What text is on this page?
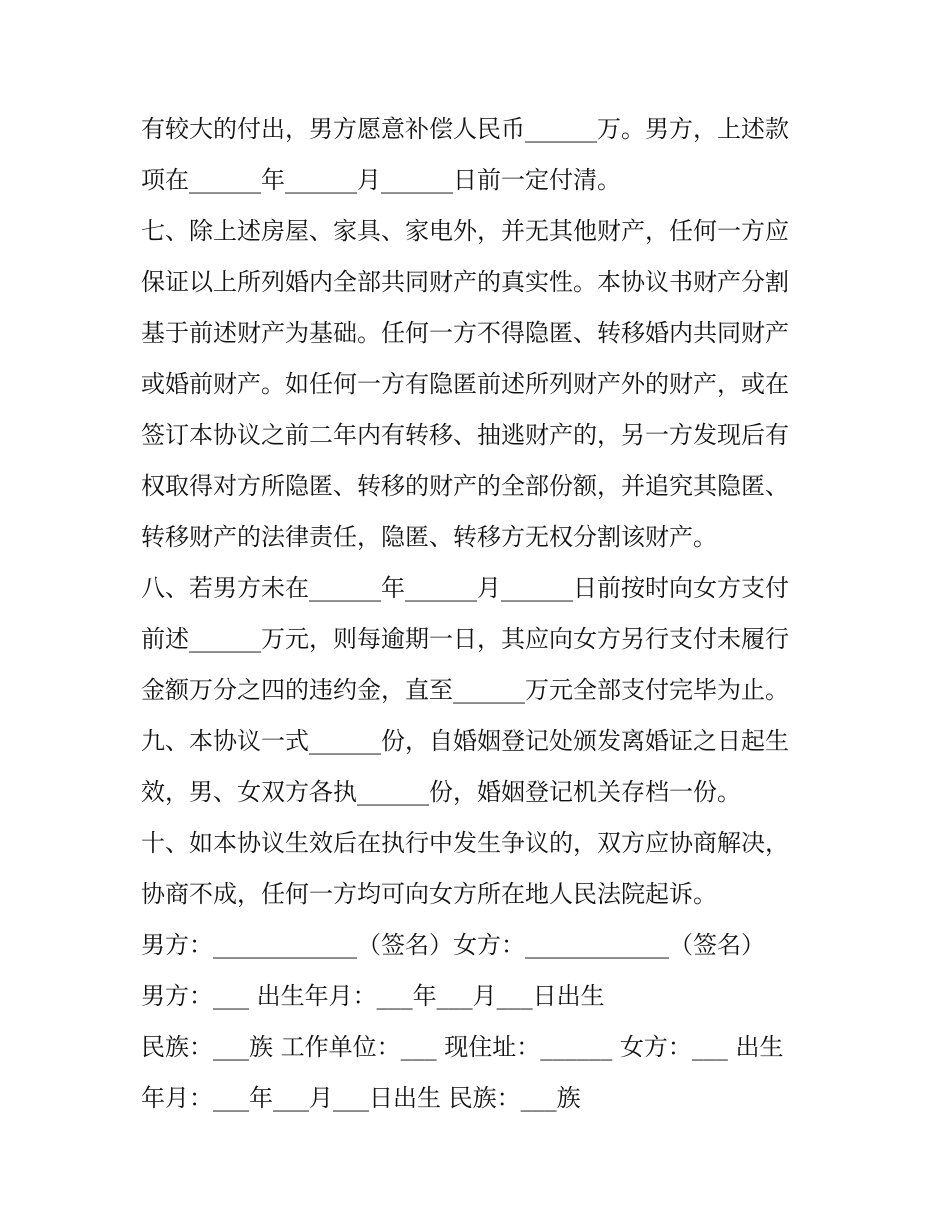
有较大的付出，男方愿意补偿人民币______万。男方，上述款
项在______年______月______日前一定付清。
七、除上述房屋、家具、家电外，并无其他财产，任何一方应
保证以上所列婚内全部共同财产的真实性。本协议书财产分割
基于前述财产为基础。任何一方不得隐匿、转移婚内共同财产
或婚前财产。如任何一方有隐匿前述所列财产外的财产，或在
签订本协议之前二年内有转移、抽逃财产的，另一方发现后有
权取得对方所隐匿、转移的财产的全部份额，并追究其隐匿、
转移财产的法律责任，隐匿、转移方无权分割该财产。
八、若男方未在______年______月______日前按时向女方支付
前述______万元，则每逾期一日，其应向女方另行支付未履行
金额万分之四的违约金，直至______万元全部支付完毕为止。
九、本协议一式______份，自婚姻登记处颁发离婚证之日起生
效，男、女双方各执______份，婚姻登记机关存档一份。
十、如本协议生效后在执行中发生争议的，双方应协商解决，
协商不成，任何一方均可向女方所在地人民法院起诉。
男方：____________（签名）女方：____________（签名）
男方：___ 出生年月：___年___月___日出生
民族：___族 工作单位：___ 现住址：______ 女方：___ 出生
年月：___年___月___日出生 民族：___族
